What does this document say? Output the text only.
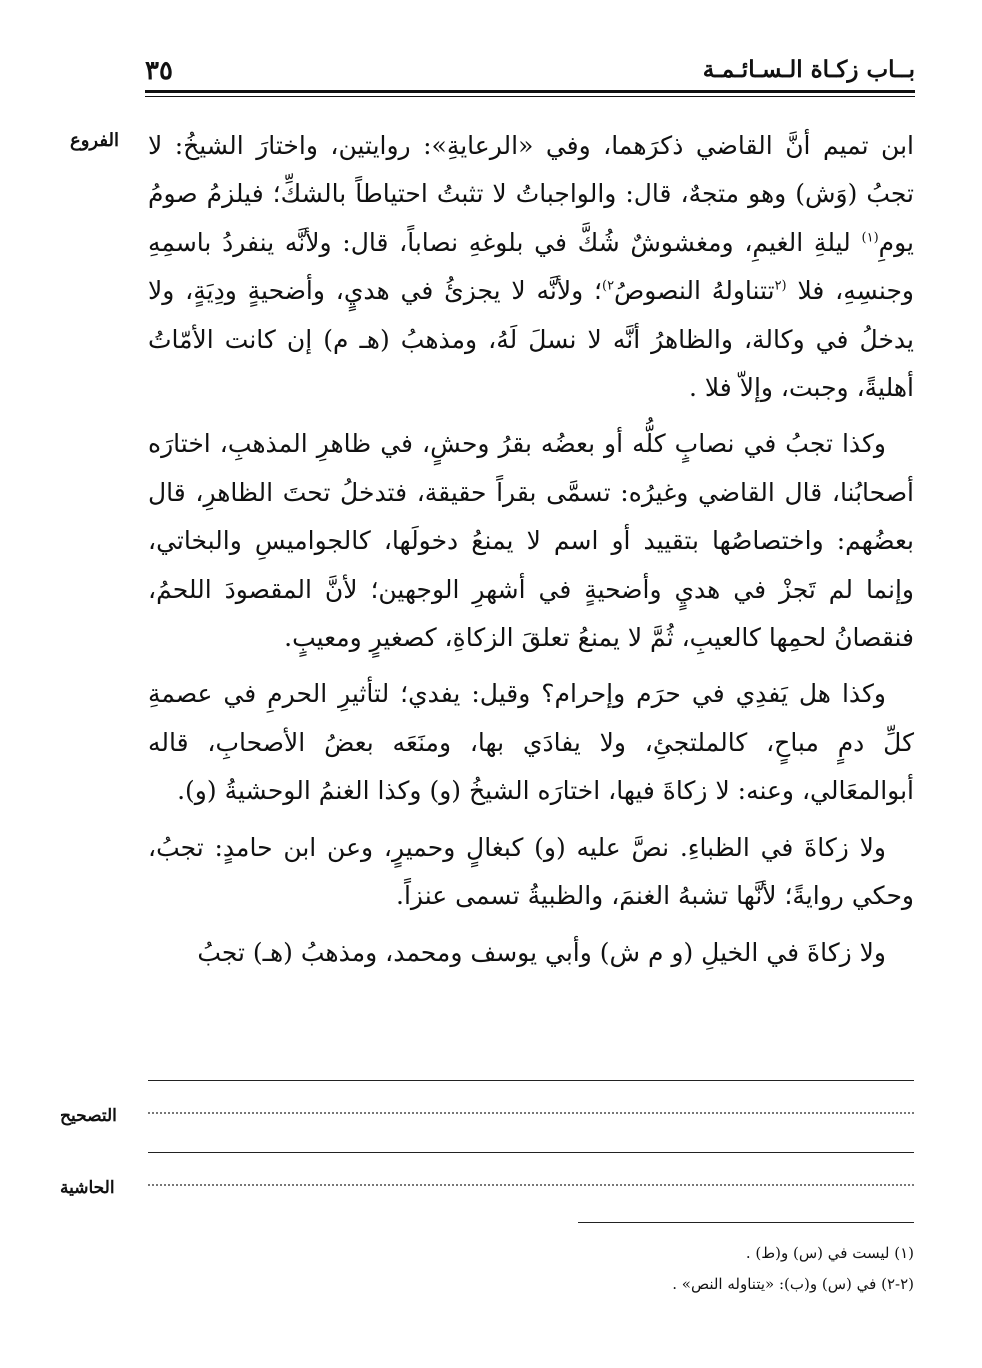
بــاب زكـاة الـسـائـمـة
٣٥
الفروع ابن تميم أنَّ القاضي ذكرَهما، وفي «الرعايةِ»: روايتين، واختارَ الشيخُ: لا تجبُ (وَش) وهو متجهٌ، قال: والواجباتُ لا تثبتُ احتياطاً بالشكِّ؛ فيلزمُ صومُ يومِ$^{(١)}$ ليلةِ الغيمِ، ومغشوشٌ شُكَّ في بلوغهِ نصاباً، قال: ولأنَّه ينفردُ باسمِهِ وجنسِهِ، فلا $^{(٢}$تتناولهُ النصوصُ$^{٢)}$؛ ولأنَّه لا يجزئُ في هديٍ، وأضحيةٍ ودِيَةٍ، ولا يدخلُ في وكالة، والظاهرُ أنَّه لا نسلَ لَهُ، ومذهبُ (هـ م) إن كانت الأمّاتُ أهليةً، وجبت، وإلاّ فلا .

وكذا تجبُ في نصابٍ كلُّه أو بعضُه بقرُ وحشٍ، في ظاهرِ المذهبِ، اختارَه أصحابُنا، قال القاضي وغيرُه: تسمَّى بقراً حقيقة، فتدخلُ تحتَ الظاهرِ، قال بعضُهم: واختصاصُها بتقييد أو اسم لا يمنعُ دخولَها، كالجواميسِ والبخاتي، وإنما لم تَجزْ في هديٍ وأضحيةٍ في أشهرِ الوجهين؛ لأنَّ المقصودَ اللحمُ، فنقصانُ لحمِها كالعيبِ، ثُمَّ لا يمنعُ تعلقَ الزكاةِ، كصغيرٍ ومعيبٍ.

وكذا هل يَفدِي في حرَم وإحرام؟ وقيل: يفدي؛ لتأثيرِ الحرمِ في عصمةِ كلِّ دمٍ مباحٍ، كالملتجئِ، ولا يفادَي بها، ومنَعَه بعضُ الأصحابِ، قاله أبوالمعَالي، وعنه: لا زكاةَ فيها، اختارَه الشيخُ (و) وكذا الغنمُ الوحشيةُ (و).

ولا زكاةَ في الظباءِ. نصَّ عليه (و) كبغالٍ وحميرٍ، وعن ابن حامدٍ: تجبُ، وحكي روايةً؛ لأنَّها تشبهُ الغنمَ، والظبيةُ تسمى عنزاً.

ولا زكاةَ في الخيلِ (و م ش) وأبي يوسف ومحمد، ومذهبُ (هـ) تجبُ

التصحيح
الحاشية

(١) ليست في (س) و(ط) .

(٢-٢) في (س) و(ب): «يتناوله النص» .
